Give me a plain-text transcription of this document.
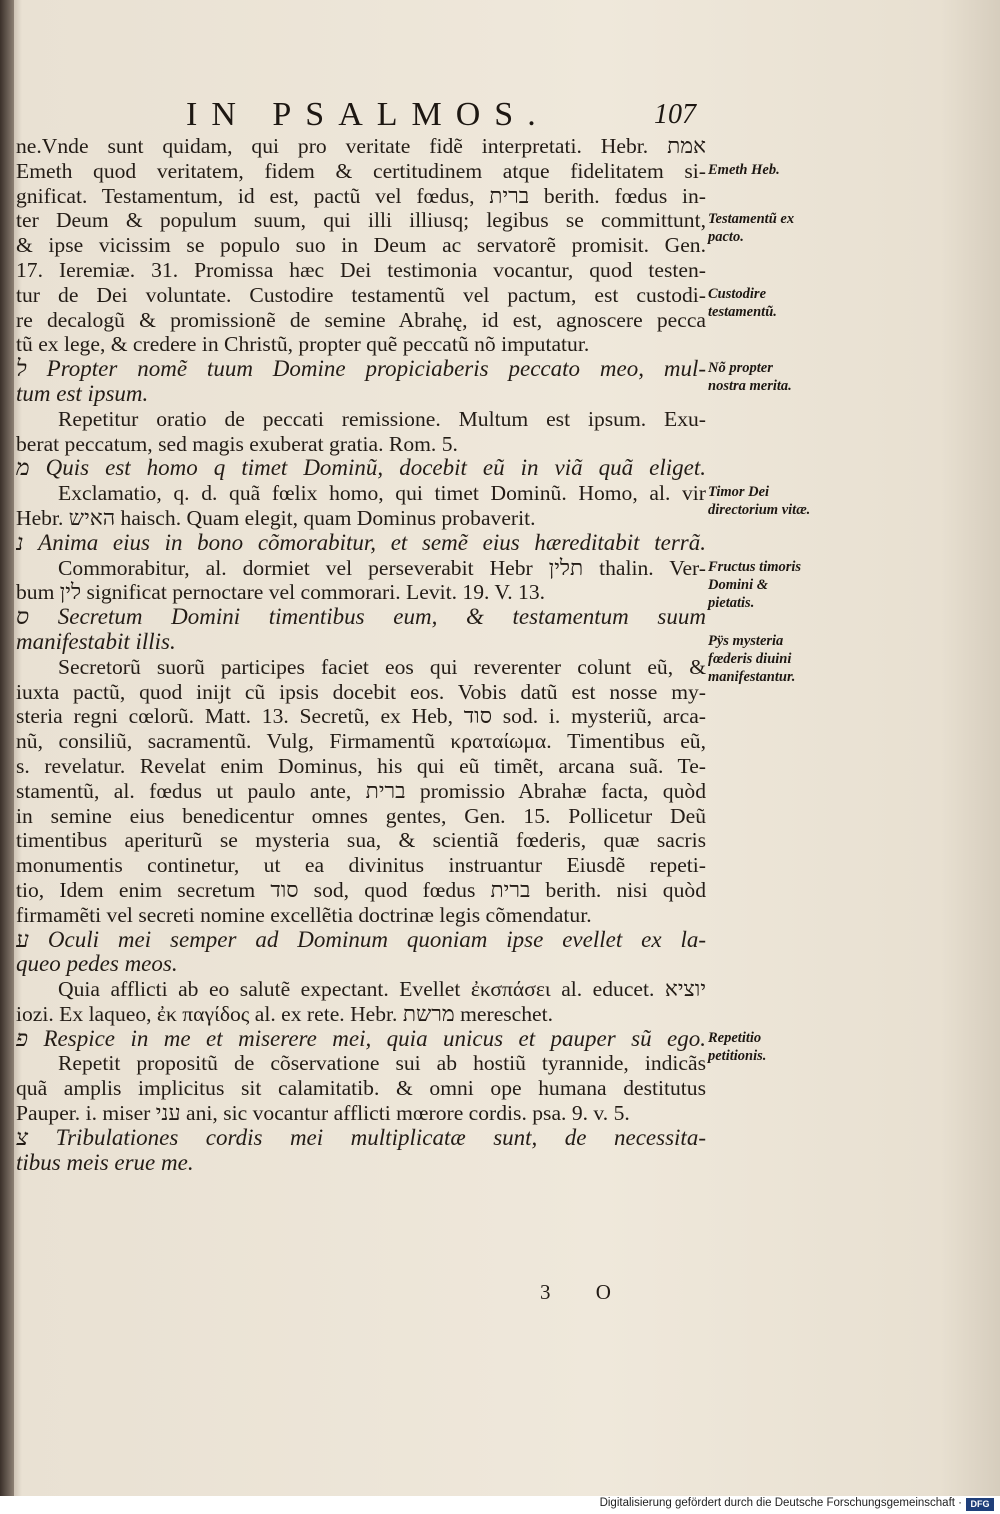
IN PSALMOS.	107
ne.Vnde sunt quidam, qui pro veritate fidẽ interpretati. Hebr. אמת
Emeth quod veritatem, fidem & certitudinem atque fidelitatem si-
gnificat. Testamentum, id est, pactũ vel fœdus, ברית berith. fœdus in-
ter Deum & populum suum, qui illi illiusq; legibus se committunt,
& ipse vicissim se populo suo in Deum ac servatorẽ promisit. Gen.
17. Ieremiæ. 31. Promissa hæc Dei testimonia vocantur, quod testen-
tur de Dei voluntate. Custodire testamentũ vel pactum, est custodi-
re decalogũ & promissionẽ de semine Abrahę, id est, agnoscere pecca
tũ ex lege, & credere in Christũ, propter quẽ peccatũ nõ imputatur.
ל Propter nomẽ tuum Domine propiciaberis peccato meo, mul-
tum est ipsum.
Repetitur oratio de peccati remissione. Multum est ipsum. Exu-
berat peccatum, sed magis exuberat gratia. Rom. 5.
מ Quis est homo q timet Dominũ, docebit eũ in viã quã eliget.
Exclamatio, q. d. quã fœlix homo, qui timet Dominũ. Homo, al. vir
Hebr. האיש haisch. Quam elegit, quam Dominus probaverit.
נ Anima eius in bono cõmorabitur, et semẽ eius hæreditabit terrã.
Commorabitur, al. dormiet vel perseverabit Hebr תלין thalin. Ver-
bum לין significat pernoctare vel commorari. Levit. 19. V. 13.
ס Secretum Domini timentibus eum, & testamentum suum
manifestabit illis.
Secretorũ suorũ participes faciet eos qui reverenter colunt eũ, &
iuxta pactũ, quod inijt cũ ipsis docebit eos. Vobis datũ est nosse my-
steria regni cœlorũ. Matt. 13. Secretũ, ex Heb, סוד sod. i. mysteriũ, arca-
nũ, consiliũ, sacramentũ. Vulg, Firmamentũ κραταίωμα. Timentibus eũ,
s. revelatur. Revelat enim Dominus, his qui eũ timẽt, arcana suã. Te-
stamentũ, al. fœdus ut paulo ante, ברית promissio Abrahæ facta, quòd
in semine eius benedicentur omnes gentes, Gen. 15. Pollicetur Deũ
timentibus aperiturũ se mysteria sua, & scientiã fœderis, quæ sacris
monumentis continetur, ut ea divinitus instruantur Eiusdẽ repeti-
tio, Idem enim secretum סוד sod, quod fœdus ברית berith. nisi quòd
firmamẽti vel secreti nomine excellẽtia doctrinæ legis cõmendatur.
ע Oculi mei semper ad Dominum quoniam ipse evellet ex la-
queo pedes meos.
Quia afflicti ab eo salutẽ expectant. Evellet ἐκσπάσει al. educet. יוציא
iozi. Ex laqueo, ἐκ παγίδος al. ex rete. Hebr. מרשת mereschet.
פ Respice in me et miserere mei, quia unicus et pauper sũ ego.
Repetit propositũ de cõservatione sui ab hostiũ tyrannide, indicãs
quã amplis implicitus sit calamitatib. & omni ope humana destitutus
Pauper. i. miser עני ani, sic vocantur afflicti mœrore cordis. psa. 9. v. 5.
צ Tribulationes cordis mei multiplicatæ sunt, de necessita-
tibus meis erue me.
Emeth Heb.
Testamentũ ex pacto.
Custodire testamentũ.
Nõ propter nostra merita.
Timor Dei directorium vitæ.
Fructus timoris Domini & pietatis.
Pÿs mysteria fœderis diuini manifestantur.
Repetitio petitionis.
3 O
Digitalisierung gefördert durch die Deutsche Forschungsgemeinschaft · DFG
